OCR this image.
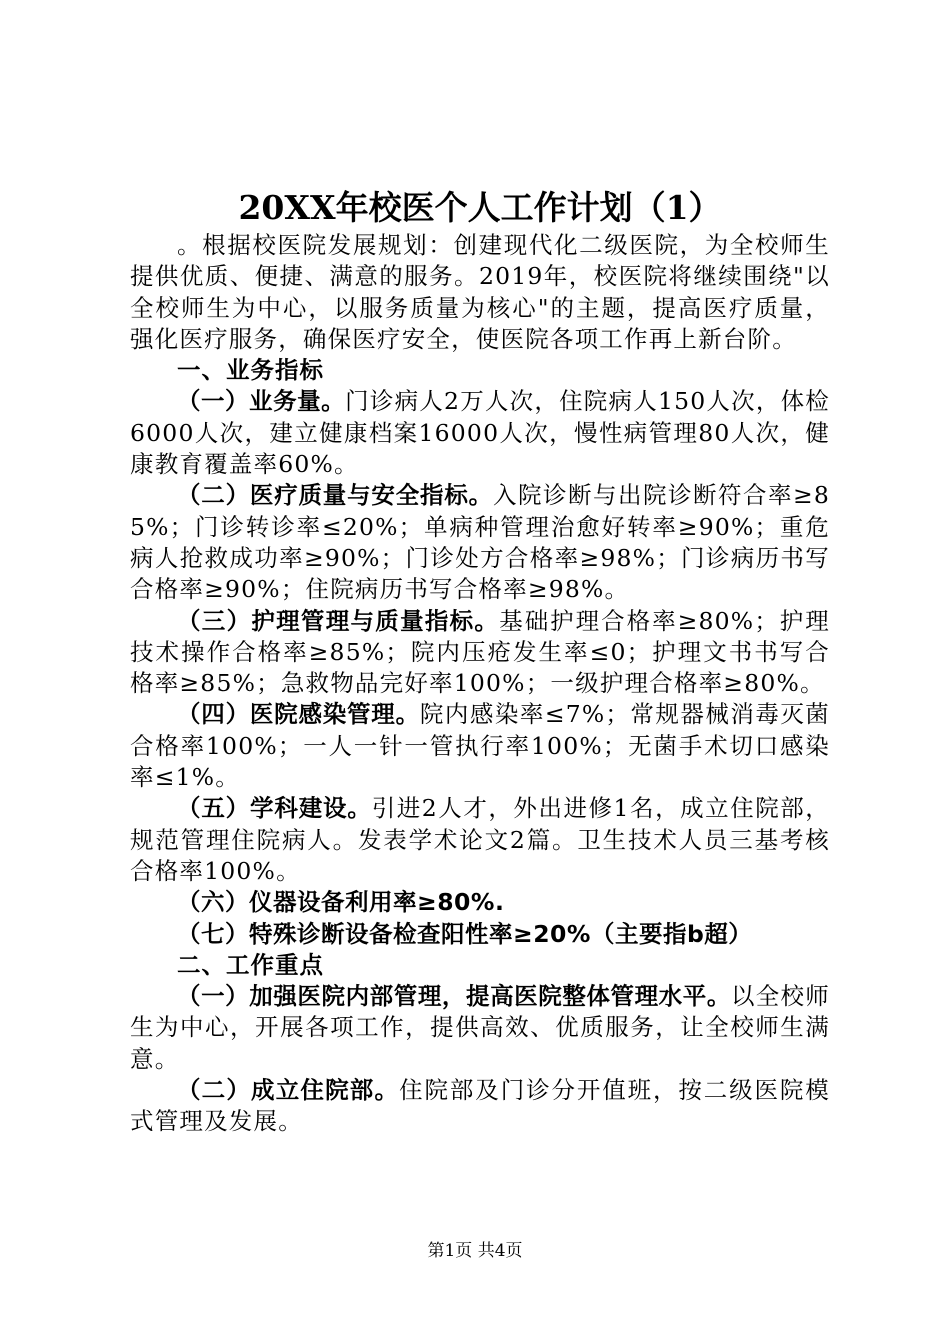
20XX年校医个人工作计划（1）

。根据校医院发展规划：创建现代化二级医院，为全校师生提供优质、便捷、满意的服务。2019年，校医院将继续围绕"以全校师生为中心，以服务质量为核心"的主题，提高医疗质量，强化医疗服务，确保医疗安全，使医院各项工作再上新台阶。

一、业务指标

（一）业务量。门诊病人2万人次，住院病人150人次，体检6000人次，建立健康档案16000人次，慢性病管理80人次，健康教育覆盖率60%。

（二）医疗质量与安全指标。入院诊断与出院诊断符合率≥85%；门诊转诊率≤20%；单病种管理治愈好转率≥90%；重危病人抢救成功率≥90%；门诊处方合格率≥98%；门诊病历书写合格率≥90%；住院病历书写合格率≥98%。

（三）护理管理与质量指标。基础护理合格率≥80%；护理技术操作合格率≥85%；院内压疮发生率≤0；护理文书书写合格率≥85%；急救物品完好率100%；一级护理合格率≥80%。

（四）医院感染管理。院内感染率≤7%；常规器械消毒灭菌合格率100%；一人一针一管执行率100%；无菌手术切口感染率≤1%。

（五）学科建设。引进2人才，外出进修1名，成立住院部，规范管理住院病人。发表学术论文2篇。卫生技术人员三基考核合格率100%。

（六）仪器设备利用率≥80%.

（七）特殊诊断设备检查阳性率≥20%（主要指b超）

二、工作重点

（一）加强医院内部管理，提高医院整体管理水平。以全校师生为中心，开展各项工作，提供高效、优质服务，让全校师生满意。

（二）成立住院部。住院部及门诊分开值班，按二级医院模式管理及发展。

第1页 共4页
